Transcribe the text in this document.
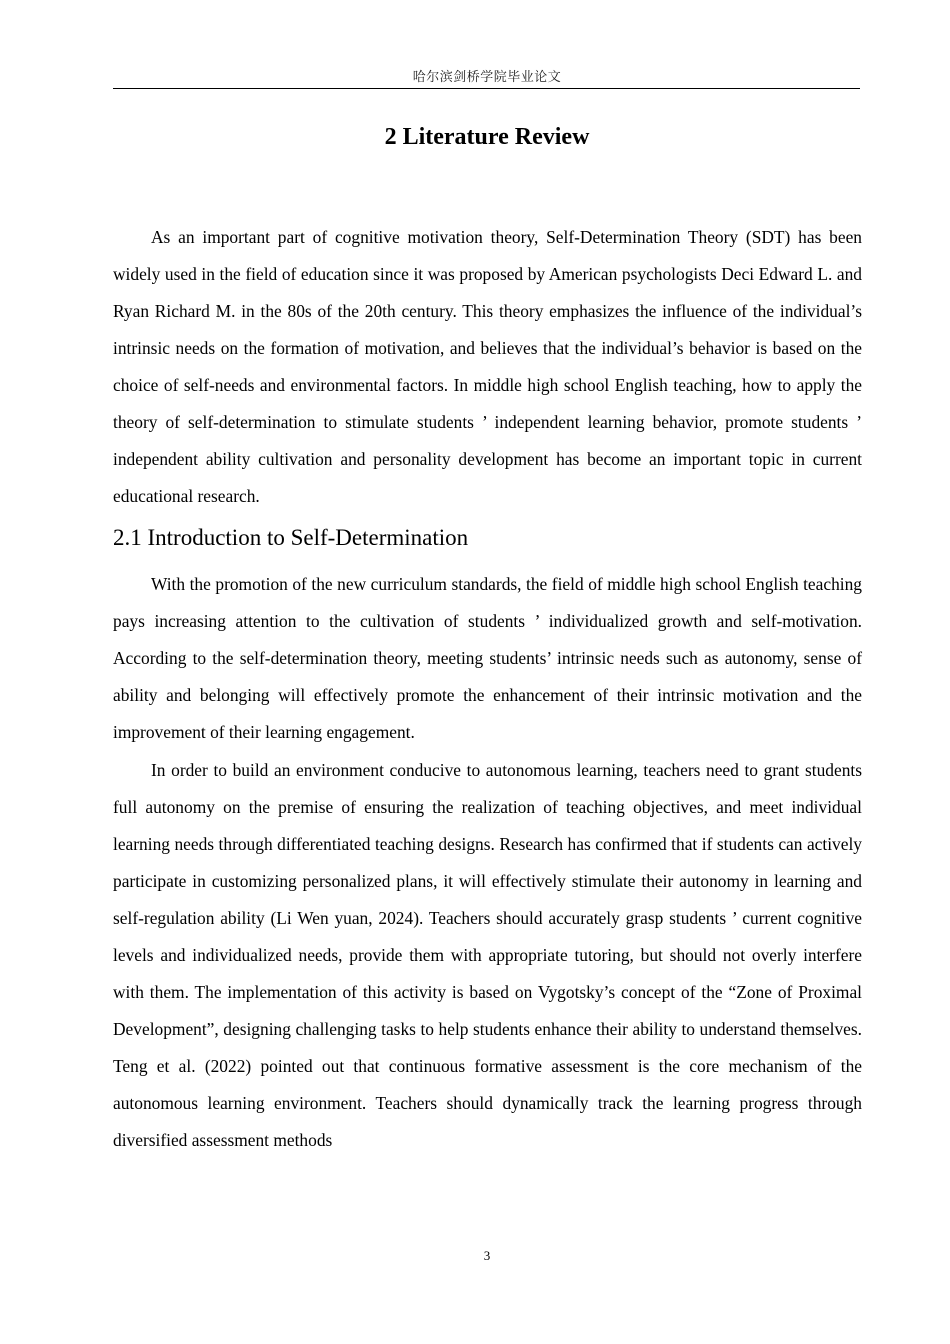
哈尔滨剑桥学院毕业论文
2 Literature Review

As an important part of cognitive motivation theory, Self-Determination Theory (SDT) has been widely used in the field of education since it was proposed by American psychologists Deci Edward L. and Ryan Richard M. in the 80s of the 20th century. This theory emphasizes the influence of the individual’s intrinsic needs on the formation of motivation, and believes that the individual’s behavior is based on the choice of self-needs and environmental factors. In middle high school English teaching, how to apply the theory of self-determination to stimulate students ’ independent learning behavior, promote students ’ independent ability cultivation and personality development has become an important topic in current educational research.

2.1 Introduction to Self-Determination

With the promotion of the new curriculum standards, the field of middle high school English teaching pays increasing attention to the cultivation of students ’ individualized growth and self-motivation. According to the self-determination theory, meeting students’ intrinsic needs such as autonomy, sense of ability and belonging will effectively promote the enhancement of their intrinsic motivation and the improvement of their learning engagement.

In order to build an environment conducive to autonomous learning, teachers need to grant students full autonomy on the premise of ensuring the realization of teaching objectives, and meet individual learning needs through differentiated teaching designs. Research has confirmed that if students can actively participate in customizing personalized plans, it will effectively stimulate their autonomy in learning and self-regulation ability (Li Wen yuan, 2024). Teachers should accurately grasp students ’ current cognitive levels and individualized needs, provide them with appropriate tutoring, but should not overly interfere with them. The implementation of this activity is based on Vygotsky’s concept of the “Zone of Proximal Development”, designing challenging tasks to help students enhance their ability to understand themselves. Teng et al. (2022) pointed out that continuous formative assessment is the core mechanism of the autonomous learning environment. Teachers should dynamically track the learning progress through diversified assessment methods

3
